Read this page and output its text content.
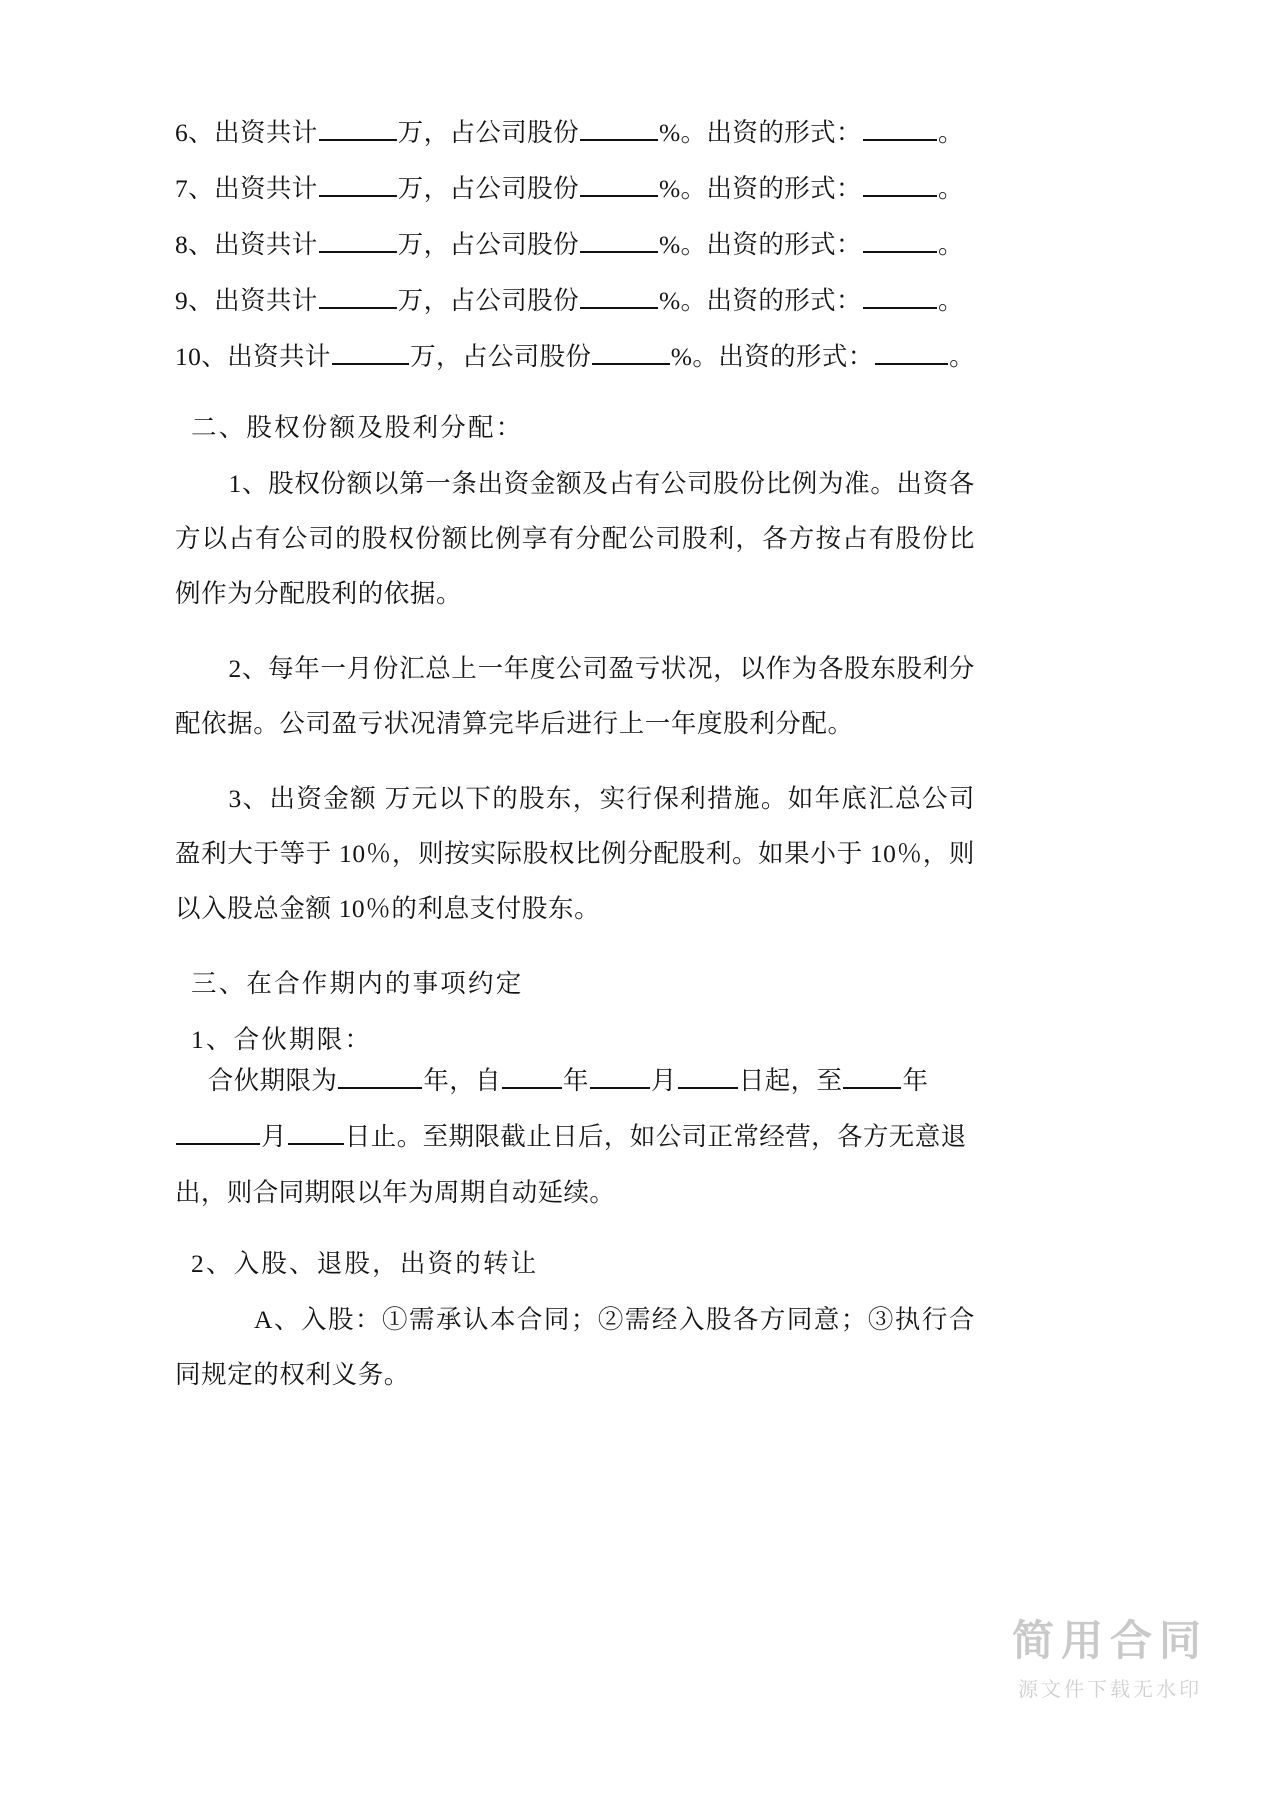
6、 出资共计	万，占公司股份	%。出资的形式：	。
7、 出资共计	万，占公司股份	%。出资的形式：	。
8、 出资共计	万，占公司股份	%。出资的形式：	。
9、 出资共计	万，占公司股份	%。出资的形式：	。
10、 出资共计	万，占公司股份	%。出资的形式：	。
二、股权份额及股利分配：
1、股权份额以第一条出资金额及占有公司股份比例为准。出资各方以占有公司的股权份额比例享有分配公司股利，各方按占有股份比例作为分配股利的依据。
2、每年一月份汇总上一年度公司盈亏状况，以作为各股东股利分配依据。公司盈亏状况清算完毕后进行上一年度股利分配。
3、出资金额 万元以下的股东，实行保利措施。如年底汇总公司盈利大于等于 10％，则按实际股权比例分配股利。如果小于 10％，则以入股总金额 10％的利息支付股东。
三、在合作期内的事项约定
1、合伙期限：
合伙期限为	年，自 年 月 日起，至 年
月 日止。至期限截止日后，如公司正常经营，各方无意退
出，则合同期限以年为周期自动延续。
2、入股、退股，出资的转让
A、入股：①需承认本合同；②需经入股各方同意；③执行合同规定的权利义务。
简用合同
源文件下载无水印
